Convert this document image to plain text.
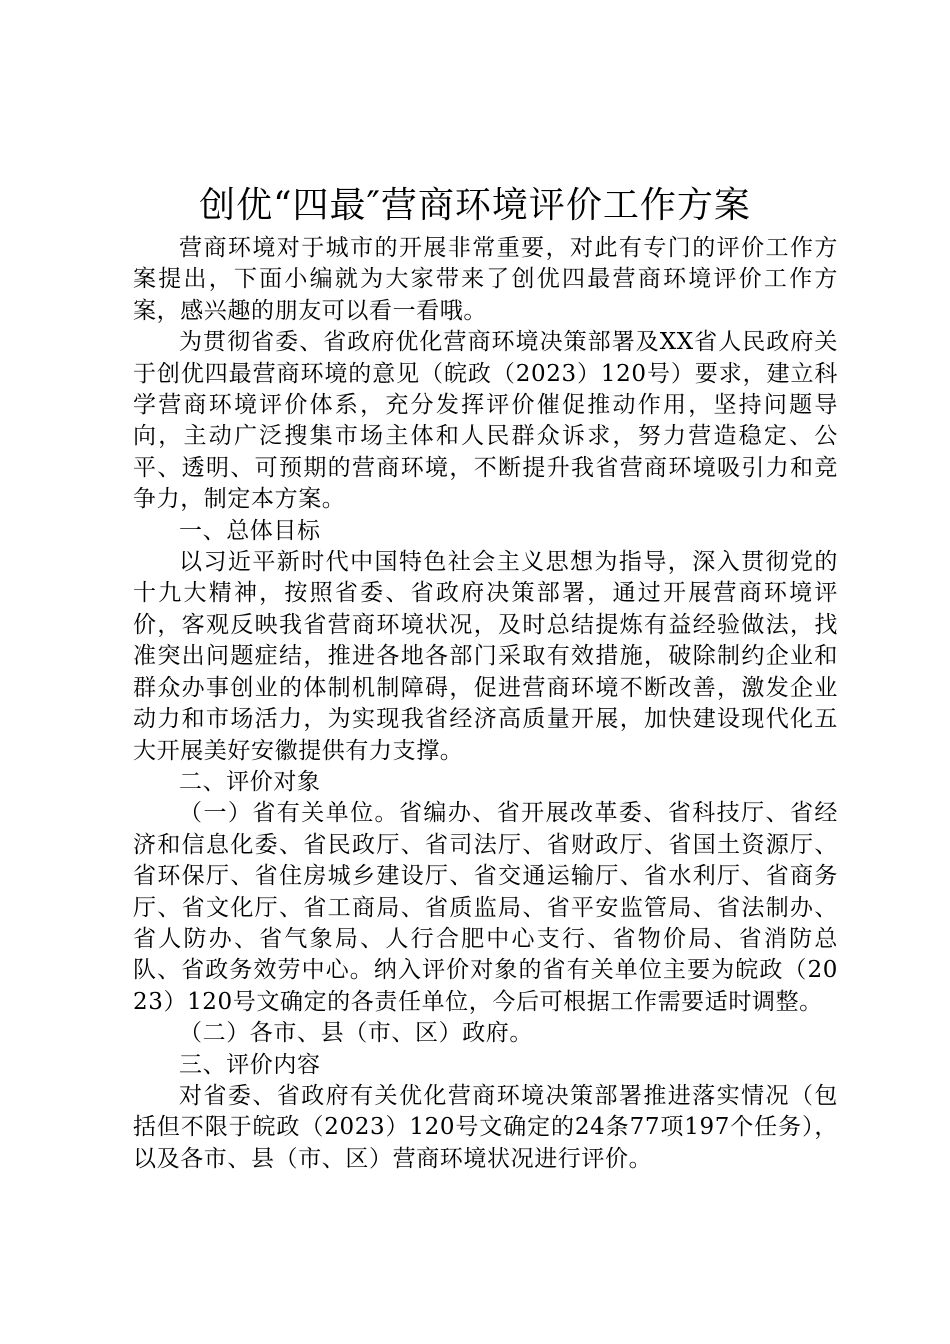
创优“四最″营商环境评价工作方案

营商环境对于城市的开展非常重要，对此有专门的评价工作方案提出，下面小编就为大家带来了创优四最营商环境评价工作方案，感兴趣的朋友可以看一看哦。

为贯彻省委、省政府优化营商环境决策部署及XX省人民政府关于创优四最营商环境的意见（皖政（2023）120号）要求，建立科学营商环境评价体系，充分发挥评价催促推动作用，坚持问题导向，主动广泛搜集市场主体和人民群众诉求，努力营造稳定、公平、透明、可预期的营商环境，不断提升我省营商环境吸引力和竞争力，制定本方案。

一、总体目标

以习近平新时代中国特色社会主义思想为指导，深入贯彻党的十九大精神，按照省委、省政府决策部署，通过开展营商环境评价，客观反映我省营商环境状况，及时总结提炼有益经验做法，找准突出问题症结，推进各地各部门采取有效措施，破除制约企业和群众办事创业的体制机制障碍，促进营商环境不断改善，激发企业动力和市场活力，为实现我省经济高质量开展，加快建设现代化五大开展美好安徽提供有力支撑。

二、评价对象

（一）省有关单位。省编办、省开展改革委、省科技厅、省经济和信息化委、省民政厅、省司法厅、省财政厅、省国土资源厅、省环保厅、省住房城乡建设厅、省交通运输厅、省水利厅、省商务厅、省文化厅、省工商局、省质监局、省平安监管局、省法制办、省人防办、省气象局、人行合肥中心支行、省物价局、省消防总队、省政务效劳中心。纳入评价对象的省有关单位主要为皖政（2023）120号文确定的各责任单位，今后可根据工作需要适时调整。

（二）各市、县（市、区）政府。

三、评价内容

对省委、省政府有关优化营商环境决策部署推进落实情况（包括但不限于皖政（2023）120号文确定的24条77项197个任务），以及各市、县（市、区）营商环境状况进行评价。
